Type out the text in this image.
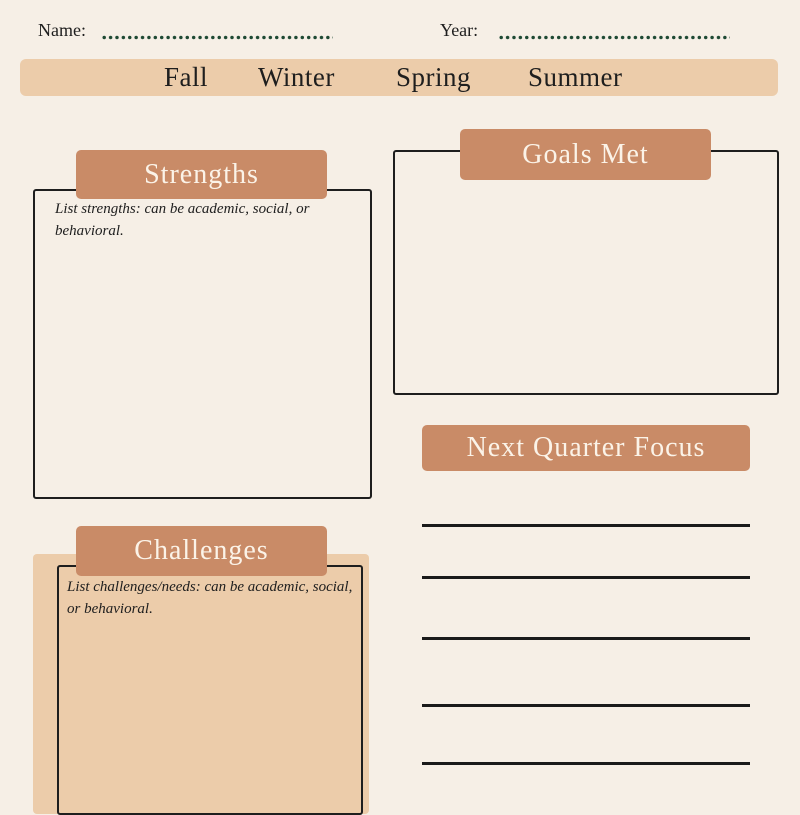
Name:	Year:
Fall Winter Spring Summer
Strengths
List strengths: can be academic, social, or behavioral.
Goals Met
Next Quarter Focus
Challenges
List challenges/needs: can be academic, social, or behavioral.
